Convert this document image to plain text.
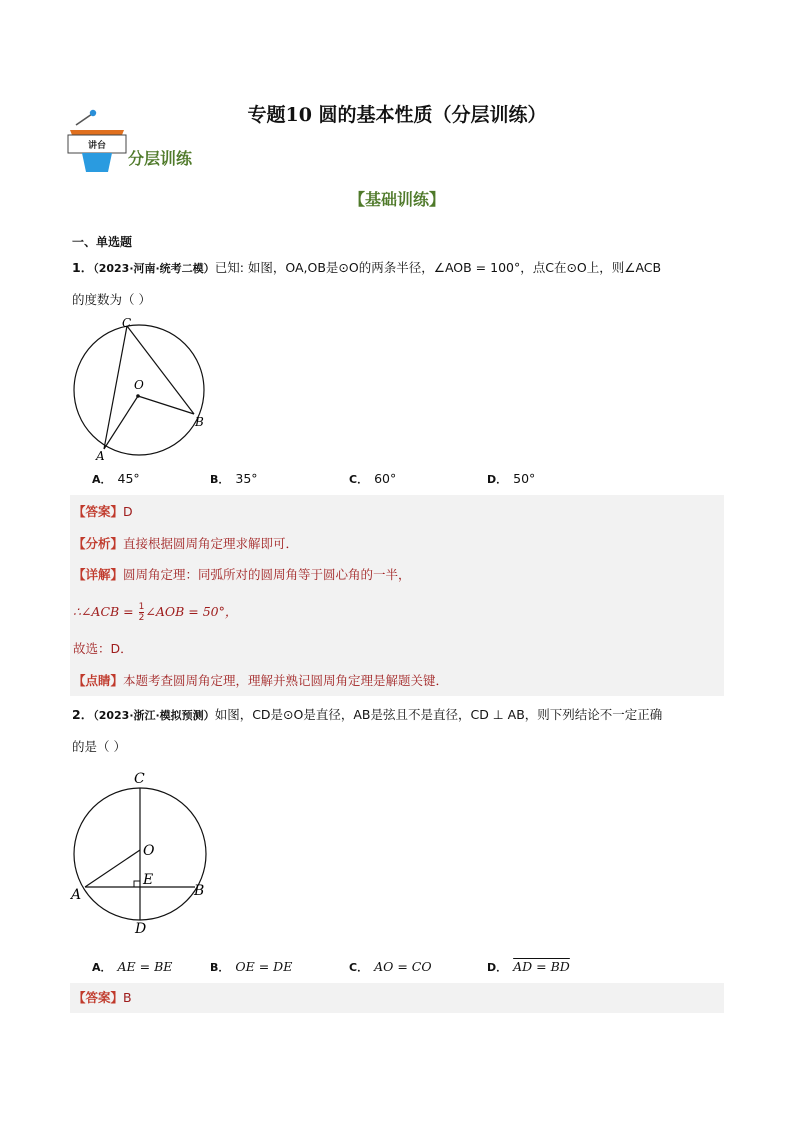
讲台
专题10 圆的基本性质（分层训练）
分层训练
【基础训练】
一、单选题
1．（2023·河南·统考二模）已知: 如图，OA,OB是⊙O的两条半径，∠AOB = 100°，点C在⊙O上，则∠ACB
的度数为（ ）
C
O
B
A
A． 45°	B． 35°	C． 60°	D． 50°
【答案】D
【分析】直接根据圆周角定理求解即可．
【详解】圆周角定理：同弧所对的圆周角等于圆心角的一半，
∴∠ACB = $\frac{1}{2}$ ∠AOB = 50°，
故选：D．
【点睛】本题考查圆周角定理，理解并熟记圆周角定理是解题关键．
2．（2023·浙江·模拟预测）如图，CD是⊙O是直径，AB是弦且不是直径，CD ⊥ AB，则下列结论不一定正确
的是（ ）
C
O
E
A	B
D
A． AE = BE	B． OE = DE	C． AO = CO	D． AD = BD
【答案】B
